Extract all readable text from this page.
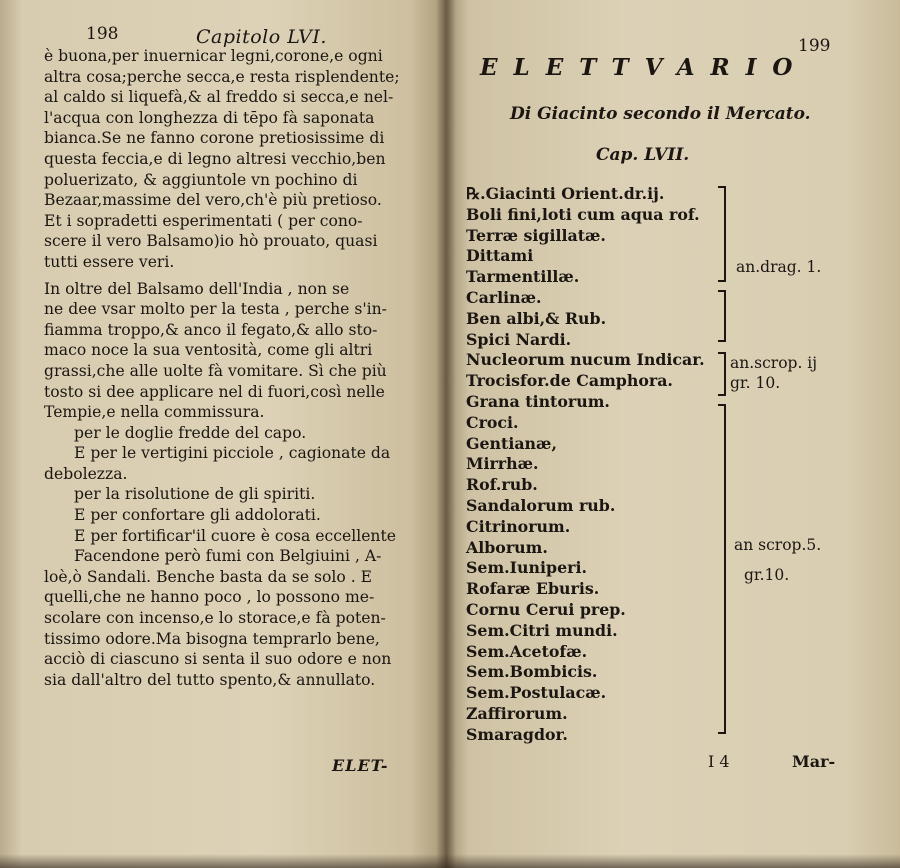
198	Capitolo LVI.
è buona,per inuernicar legni,corone,e ogni
altra cosa;perche secca,e resta risplendente;
al caldo si liquefà,& al freddo si secca,e nel-
l'acqua con longhezza di tēpo fà saponata
bianca.Se ne fanno corone pretiosissime di
questa feccia,e di legno altresi vecchio,ben
poluerizato, & aggiuntole vn pochino di
Bezaar,massime del vero,ch'è più pretioso.
Et i sopradetti esperimentati ( per cono-
scere il vero Balsamo)io hò prouato, quasi
tutti essere veri.
In oltre del Balsamo dell'India , non se
ne dee vsar molto per la testa , perche s'in-
fiamma troppo,& anco il fegato,& allo sto-
maco noce la sua ventosità, come gli altri
grassi,che alle uolte fà vomitare. Sì che più
tosto si dee applicare nel di fuori,così nelle
Tempie,e nella commissura.
per le doglie fredde del capo.
E per le vertigini picciole , cagionate da
debolezza.
per la risolutione de gli spiriti.
E per confortare gli addolorati.
E per fortificar'il cuore è cosa eccellente
Facendone però fumi con Belgiuini , A-
loè,ò Sandali. Benche basta da se solo . E
quelli,che ne hanno poco , lo possono me-
scolare con incenso,e lo storace,e fà poten-
tissimo odore.Ma bisogna temprarlo bene,
acciò di ciascuno si senta il suo odore e non
sia dall'altro del tutto spento,& annullato.
ELET-
199
ELETTVARIO
Di Giacinto secondo il Mercato.
Cap. LVII.
℞.Giacinti Orient.dr.ij.
Boli fini,loti cum aqua rof.
Terræ sigillatæ.
Dittami
Tarmentillæ.
Carlinæ.
Ben albi,& Rub.
Spici Nardi.
Nucleorum nucum Indicar.
Trocisfor.de Camphora.
Grana tintorum.
Croci.
Gentianæ,
Mirrhæ.
Rof.rub.
Sandalorum rub.
Citrinorum.
Alborum.
Sem.Iuniperi.
Rofaræ Eburis.
Cornu Cerui prep.
Sem.Citri mundi.
Sem.Acetofæ.
Sem.Bombicis.
Sem.Postulacæ.
Zaffirorum.
Smaragdor.
an.drag. 1.
an.scrop. ij
gr. 10.
an scrop.5.
gr.10.
I 4	Mar-
